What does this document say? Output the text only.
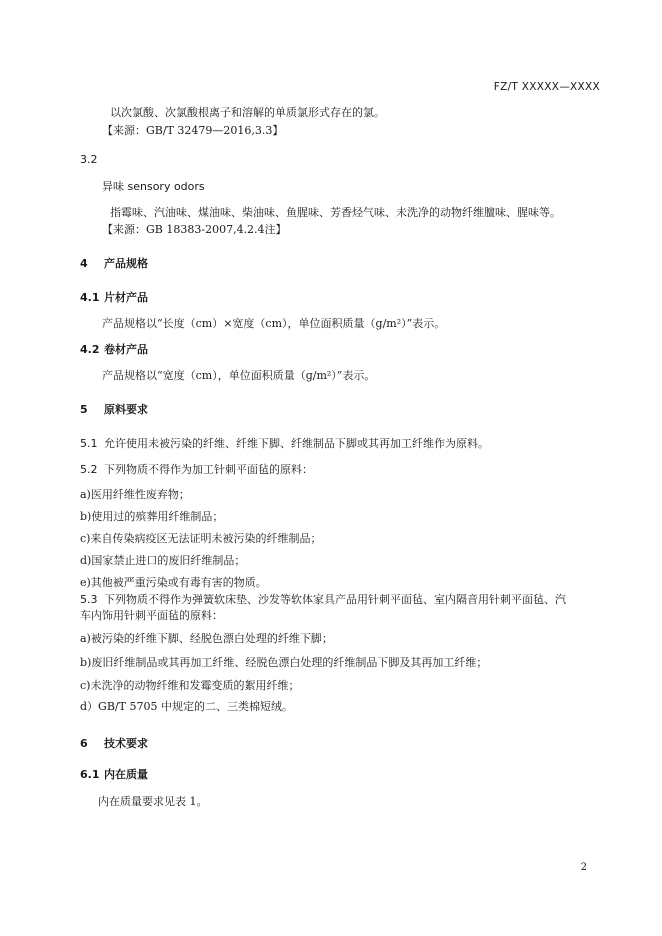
FZ/T XXXXX—XXXX
以次氯酸、次氯酸根离子和溶解的单质氯形式存在的氯。
【来源：GB/T 32479—2016,3.3】
3.2
异味 sensory odors
指霉味、汽油味、煤油味、柴油味、鱼腥味、芳香烃气味、未洗净的动物纤维膻味、腥味等。
【来源：GB 18383-2007,4.2.4注】
4 产品规格
4.1 片材产品
产品规格以“长度（cm）×宽度（cm），单位面积质量（g/m²）”表示。
4.2 卷材产品
产品规格以“宽度（cm），单位面积质量（g/m²）”表示。
5 原料要求
5.1 允许使用未被污染的纤维、纤维下脚、纤维制品下脚或其再加工纤维作为原料。
5.2 下列物质不得作为加工针刺平面毡的原料：
a)医用纤维性废弃物；
b)使用过的殡葬用纤维制品；
c)来自传染病疫区无法证明未被污染的纤维制品；
d)国家禁止进口的废旧纤维制品；
e)其他被严重污染或有毒有害的物质。
5.3 下列物质不得作为弹簧软床垫、沙发等软体家具产品用针刺平面毡、室内隔音用针刺平面毡、汽
车内饰用针刺平面毡的原料：
a)被污染的纤维下脚、经脱色漂白处理的纤维下脚；
b)废旧纤维制品或其再加工纤维、经脱色漂白处理的纤维制品下脚及其再加工纤维；
c)未洗净的动物纤维和发霉变质的絮用纤维；
d）GB/T 5705 中规定的二、三类棉短绒。
6 技术要求
6.1 内在质量
内在质量要求见表 1。
2
